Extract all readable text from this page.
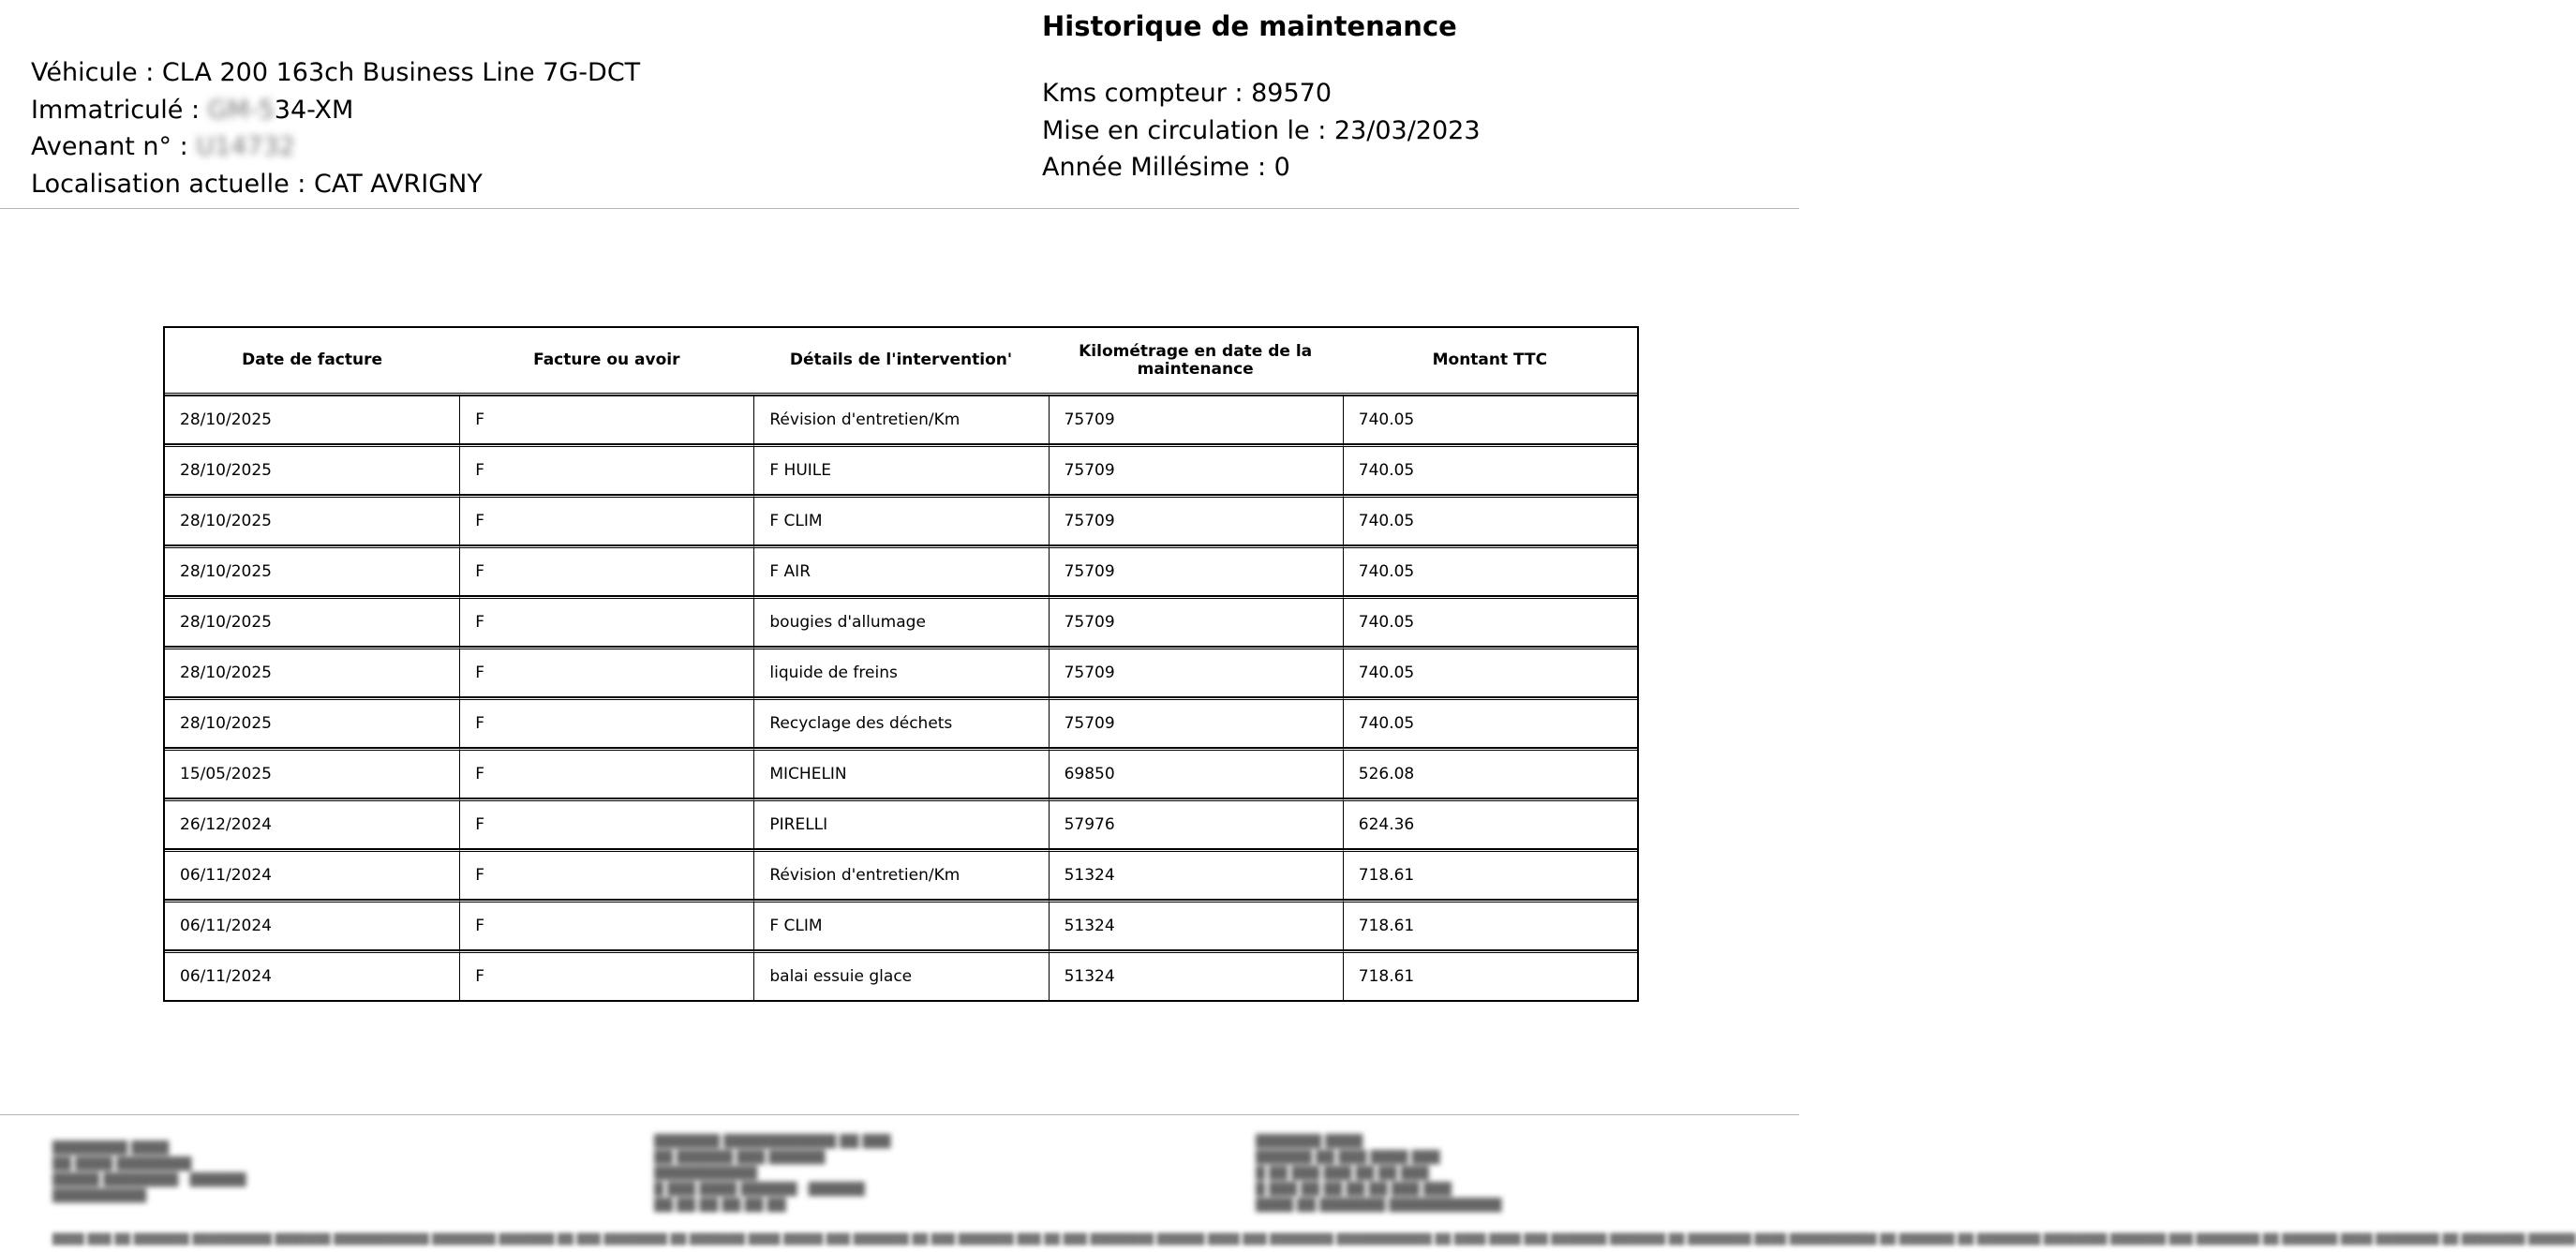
Véhicule : CLA 200 163ch Business Line 7G-DCT
Immatriculé : GM-534-XM
Avenant n° : U14732
Localisation actuelle : CAT AVRIGNY
Historique de maintenance
Kms compteur : 89570
Mise en circulation le : 23/03/2023
Année Millésime : 0
Date de facture	Facture ou avoir	Détails de l'intervention'	Kilométrage en date de la maintenance	Montant TTC
28/10/2025	F	Révision d'entretien/Km	75709	740.05
28/10/2025	F	F HUILE	75709	740.05
28/10/2025	F	F CLIM	75709	740.05
28/10/2025	F	F AIR	75709	740.05
28/10/2025	F	bougies d'allumage	75709	740.05
28/10/2025	F	liquide de freins	75709	740.05
28/10/2025	F	Recyclage des déchets	75709	740.05
15/05/2025	F	MICHELIN	69850	526.08
26/12/2024	F	PIRELLI	57976	624.36
06/11/2024	F	Révision d'entretien/Km	51324	718.61
06/11/2024	F	F CLIM	51324	718.61
06/11/2024	F	balai essuie glace	51324	718.61
████████ ████
██ ████ ████████
█████ ████████ · ██████
██████████
███████ ████████████ ██ ███
██ ██████ ███ ██████
███████████
█ ███ ████ ██████ · ██████
██ ██ ██ ██ ██ ██
███████ ████
██████ ██ ███ ████ ███
█ ██ ███ ███ ██ ██ ███
█ ███ ██ ██ ██ ██ ███ ███
████ ██ ███████ ████████████
████ ███ ██ ███████ ██████████ ███████ ████████████ ████████ ███████ ██ ███ ████████ ██ ███████ ████ █████ ███ ███████ ██ ███ ███████ ███ ██ ███ ████████ ██████ ████ ███ ████████ ████████████ ██ ████ ████ ███ ███████ ███████ ██ ████████ ████ ███████████ ██ ███████ ██ ████████ ████████ ███████ ███ ████████ ██ ███████ ████ ████████ ██ ████████ ██████
